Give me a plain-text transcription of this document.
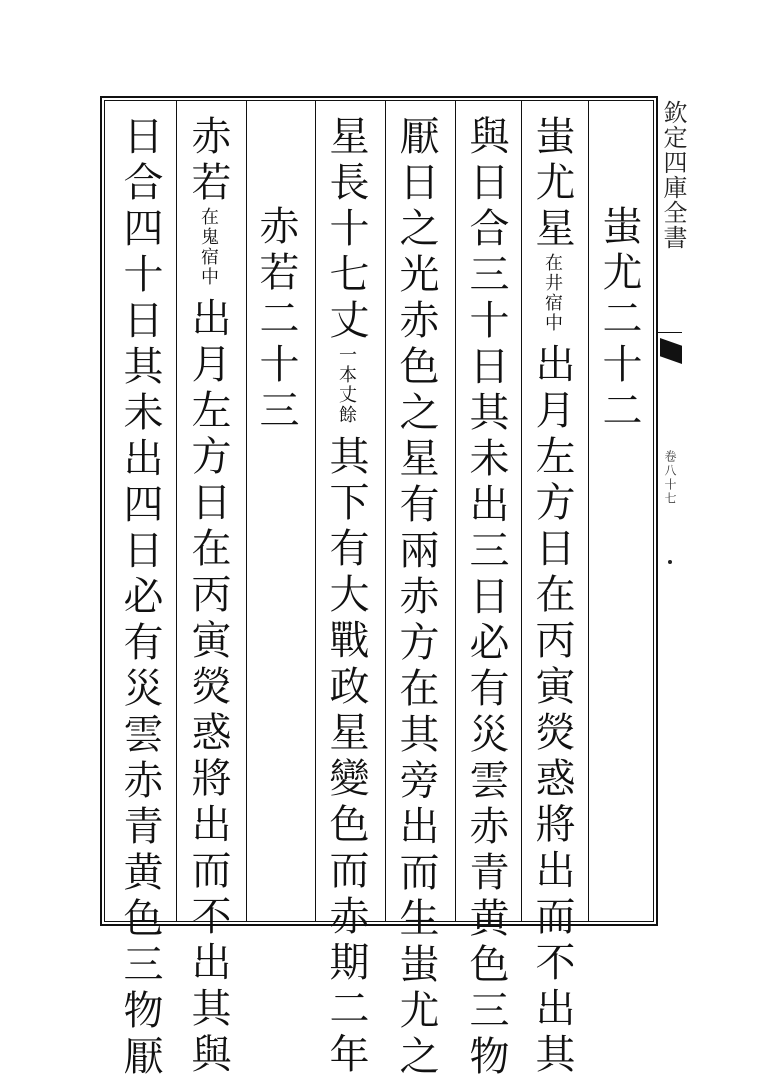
欽定四庫全書
卷八十七
蚩尤二十二
蚩尤星在井宿中出月左方日在丙寅熒惑將出而不出其
與日合三十日其未出三日必有災雲赤青黄色三物
厭日之光赤色之星有兩赤方在其旁出而生蚩尤之
星長十七丈一本丈餘其下有大戰政星變色而赤期二年
赤若二十三
赤若在鬼宿中出月左方日在丙寅熒惑將出而不出其與
日合四十日其未出四日必有災雲赤青黄色三物厭
